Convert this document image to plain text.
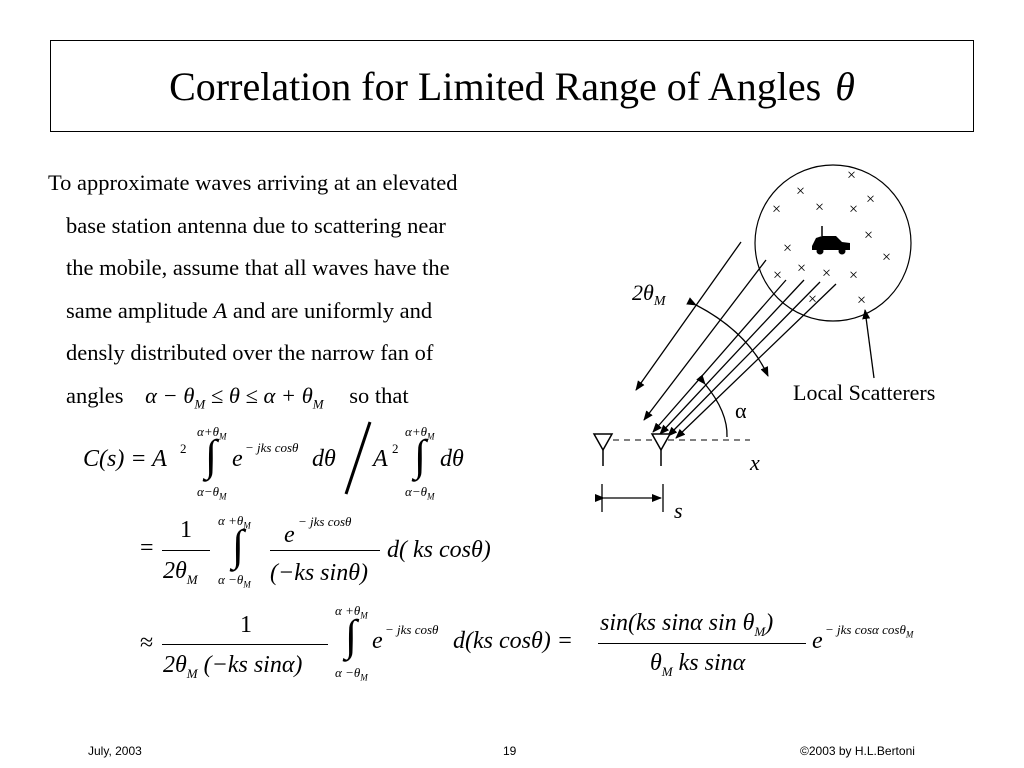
Correlation for Limited Range of Angles θ
To approximate waves arriving at an elevated
base station antenna due to scattering near
the mobile, assume that all waves have the
same amplitude A and are uniformly and
densly distributed over the narrow fan of
angles $\alpha - \theta_M \le \theta \le \alpha + \theta_M$ so that
C(s) = A 2
$\alpha+\theta_M$
∫
$\alpha-\theta_M$
e − jks cosθ dθ A 2
$\alpha+\theta_M$
∫
$\alpha-\theta_M$
dθ
=
1
$2\theta_M$
$\alpha +\theta_M$
∫
$\alpha -\theta_M$
e
− jks cosθ
(−ks sinθ)
d( ks cosθ)
≈
1
$2\theta_M$ (−ks sinα)
$\alpha +\theta_M$
∫
$\alpha -\theta_M$
e − jks cosθ d(ks cosθ) =
sin(ks sinα $\sin \theta_M$)
$\theta_M$ ks sinα
e − jks cosα cosθ$_M$
×
×	×
× × ×
×
×
×
× × ×
×
× ×
$2\theta_M$
Local Scatterers
α
x
s
July, 2003	19	©2003 by H.L.Bertoni
